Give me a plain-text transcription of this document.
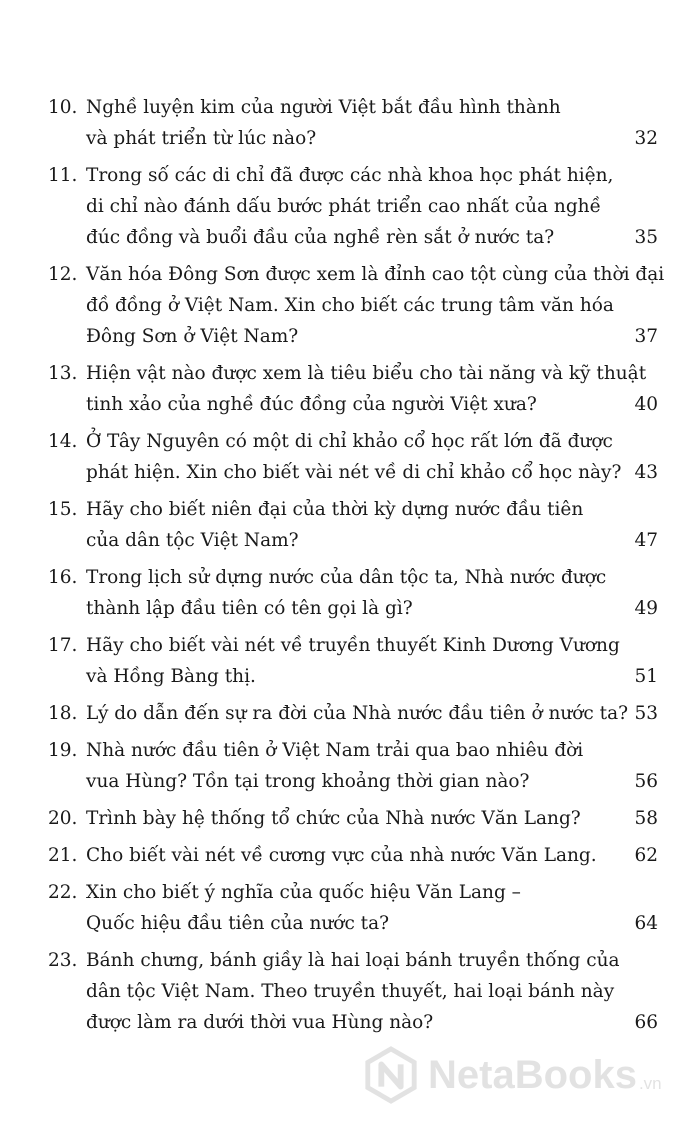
10. Nghề luyện kim của người Việt bắt đầu hình thành
và phát triển từ lúc nào?	32
11. Trong số các di chỉ đã được các nhà khoa học phát hiện,
di chỉ nào đánh dấu bước phát triển cao nhất của nghề
đúc đồng và buổi đầu của nghề rèn sắt ở nước ta?	35
12. Văn hóa Đông Sơn được xem là đỉnh cao tột cùng của thời đại
đồ đồng ở Việt Nam. Xin cho biết các trung tâm văn hóa
Đông Sơn ở Việt Nam?	37
13. Hiện vật nào được xem là tiêu biểu cho tài năng và kỹ thuật
tinh xảo của nghề đúc đồng của người Việt xưa?	40
14. Ở Tây Nguyên có một di chỉ khảo cổ học rất lớn đã được
phát hiện. Xin cho biết vài nét về di chỉ khảo cổ học này? 43
15. Hãy cho biết niên đại của thời kỳ dựng nước đầu tiên
của dân tộc Việt Nam?	47
16. Trong lịch sử dựng nước của dân tộc ta, Nhà nước được
thành lập đầu tiên có tên gọi là gì?	49
17. Hãy cho biết vài nét về truyền thuyết Kinh Dương Vương
và Hồng Bàng thị.	51
18. Lý do dẫn đến sự ra đời của Nhà nước đầu tiên ở nước ta? 53
19. Nhà nước đầu tiên ở Việt Nam trải qua bao nhiêu đời
vua Hùng? Tồn tại trong khoảng thời gian nào?	56
20. Trình bày hệ thống tổ chức của Nhà nước Văn Lang?	58
21. Cho biết vài nét về cương vực của nhà nước Văn Lang.	62
22. Xin cho biết ý nghĩa của quốc hiệu Văn Lang –
Quốc hiệu đầu tiên của nước ta?	64
23. Bánh chưng, bánh giầy là hai loại bánh truyền thống của
dân tộc Việt Nam. Theo truyền thuyết, hai loại bánh này
được làm ra dưới thời vua Hùng nào?	66
NetaBooks .vn
